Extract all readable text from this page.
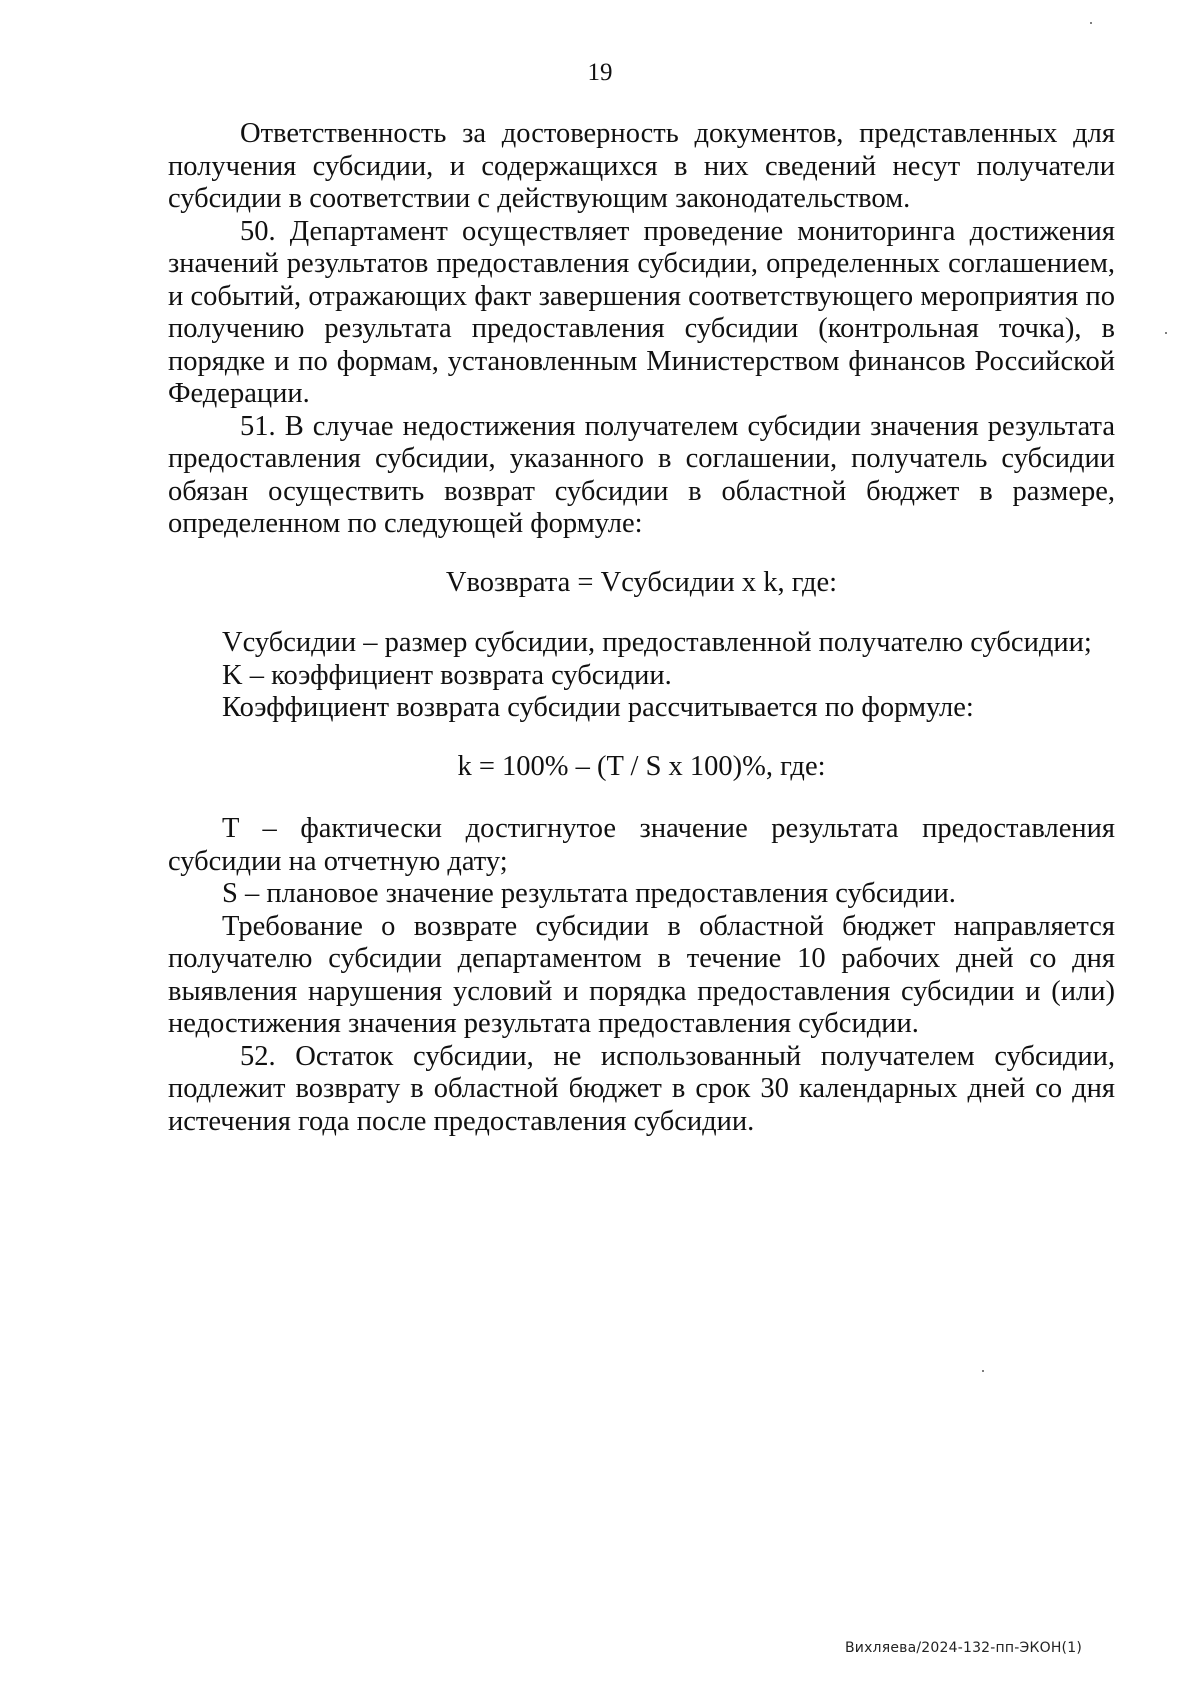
19

Ответственность за достоверность документов, представленных для получения субсидии, и содержащихся в них сведений несут получатели субсидии в соответствии с действующим законодательством.

50. Департамент осуществляет проведение мониторинга достижения значений результатов предоставления субсидии, определенных соглашением, и событий, отражающих факт завершения соответствующего мероприятия по получению результата предоставления субсидии (контрольная точка), в порядке и по формам, установленным Министерством финансов Российской Федерации.

51. В случае недостижения получателем субсидии значения результата предоставления субсидии, указанного в соглашении, получатель субсидии обязан осуществить возврат субсидии в областной бюджет в размере, определенном по следующей формуле:

Vвозврата = Vсубсидии x k, где:

Vсубсидии – размер субсидии, предоставленной получателю субсидии;

K – коэффициент возврата субсидии.

Коэффициент возврата субсидии рассчитывается по формуле:

k = 100% – (T / S x 100)%, где:

T – фактически достигнутое значение результата предоставления субсидии на отчетную дату;

S – плановое значение результата предоставления субсидии.

Требование о возврате субсидии в областной бюджет направляется получателю субсидии департаментом в течение 10 рабочих дней со дня выявления нарушения условий и порядка предоставления субсидии и (или) недостижения значения результата предоставления субсидии.

52. Остаток субсидии, не использованный получателем субсидии, подлежит возврату в областной бюджет в срок 30 календарных дней со дня истечения года после предоставления субсидии.

Вихляева/2024-132-пп-ЭКОН(1)
